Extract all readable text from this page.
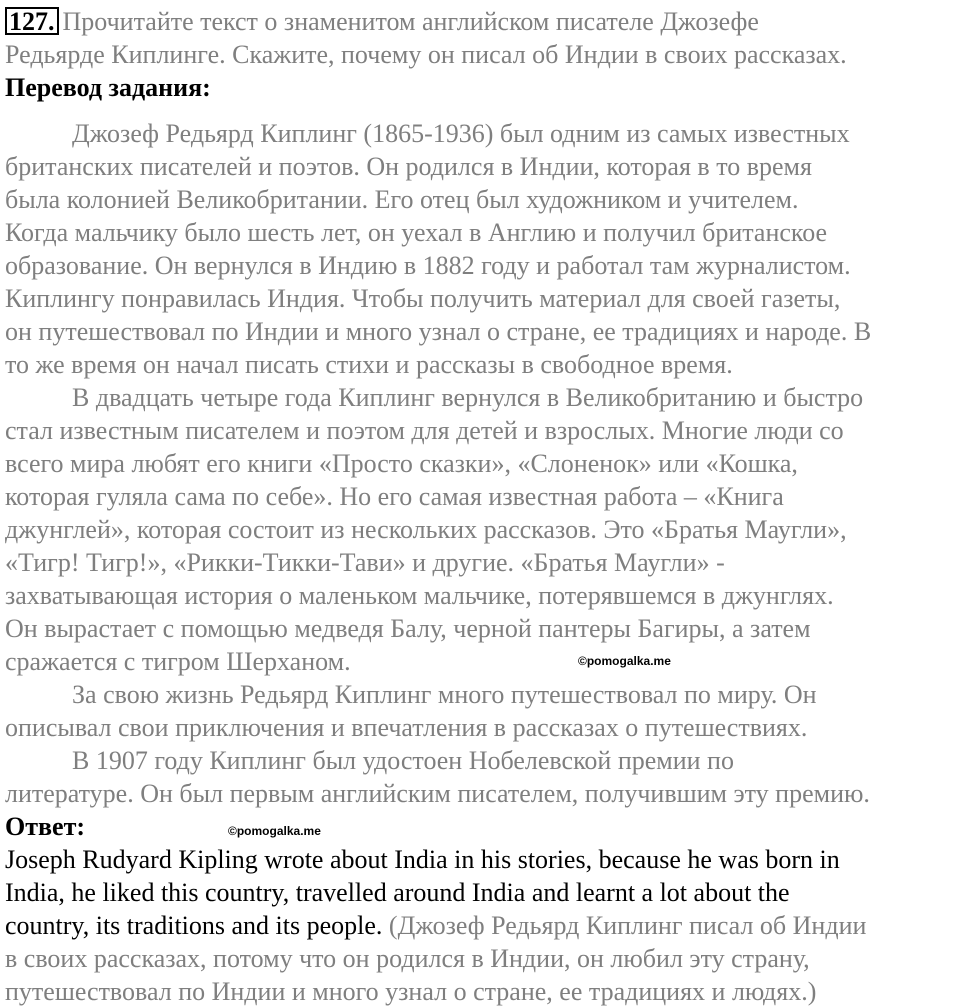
127. Прочитайте текст о знаменитом английском писателе Джозефе
Редьярде Киплинге. Скажите, почему он писал об Индии в своих рассказах.
Перевод задания:
Джозеф Редьярд Киплинг (1865-1936) был одним из самых известных
британских писателей и поэтов. Он родился в Индии, которая в то время
была колонией Великобритании. Его отец был художником и учителем.
Когда мальчику было шесть лет, он уехал в Англию и получил британское
образование. Он вернулся в Индию в 1882 году и работал там журналистом.
Киплингу понравилась Индия. Чтобы получить материал для своей газеты,
он путешествовал по Индии и много узнал о стране, ее традициях и народе. В
то же время он начал писать стихи и рассказы в свободное время.
В двадцать четыре года Киплинг вернулся в Великобританию и быстро
стал известным писателем и поэтом для детей и взрослых. Многие люди со
всего мира любят его книги «Просто сказки», «Слоненок» или «Кошка,
которая гуляла сама по себе». Но его самая известная работа – «Книга
джунглей», которая состоит из нескольких рассказов. Это «Братья Маугли»,
«Тигр! Тигр!», «Рикки-Тикки-Тави» и другие. «Братья Маугли» -
захватывающая история о маленьком мальчике, потерявшемся в джунглях.
Он вырастает с помощью медведя Балу, черной пантеры Багиры, а затем
сражается с тигром Шерханом.	©pomogalka.me
За свою жизнь Редьярд Киплинг много путешествовал по миру. Он
описывал свои приключения и впечатления в рассказах о путешествиях.
В 1907 году Киплинг был удостоен Нобелевской премии по
литературе. Он был первым английским писателем, получившим эту премию.
Ответ:	©pomogalka.me
Joseph Rudyard Kipling wrote about India in his stories, because he was born in
India, he liked this country, travelled around India and learnt a lot about the
country, its traditions and its people. (Джозеф Редьярд Киплинг писал об Индии
в своих рассказах, потому что он родился в Индии, он любил эту страну,
путешествовал по Индии и много узнал о стране, ее традициях и людях.)
